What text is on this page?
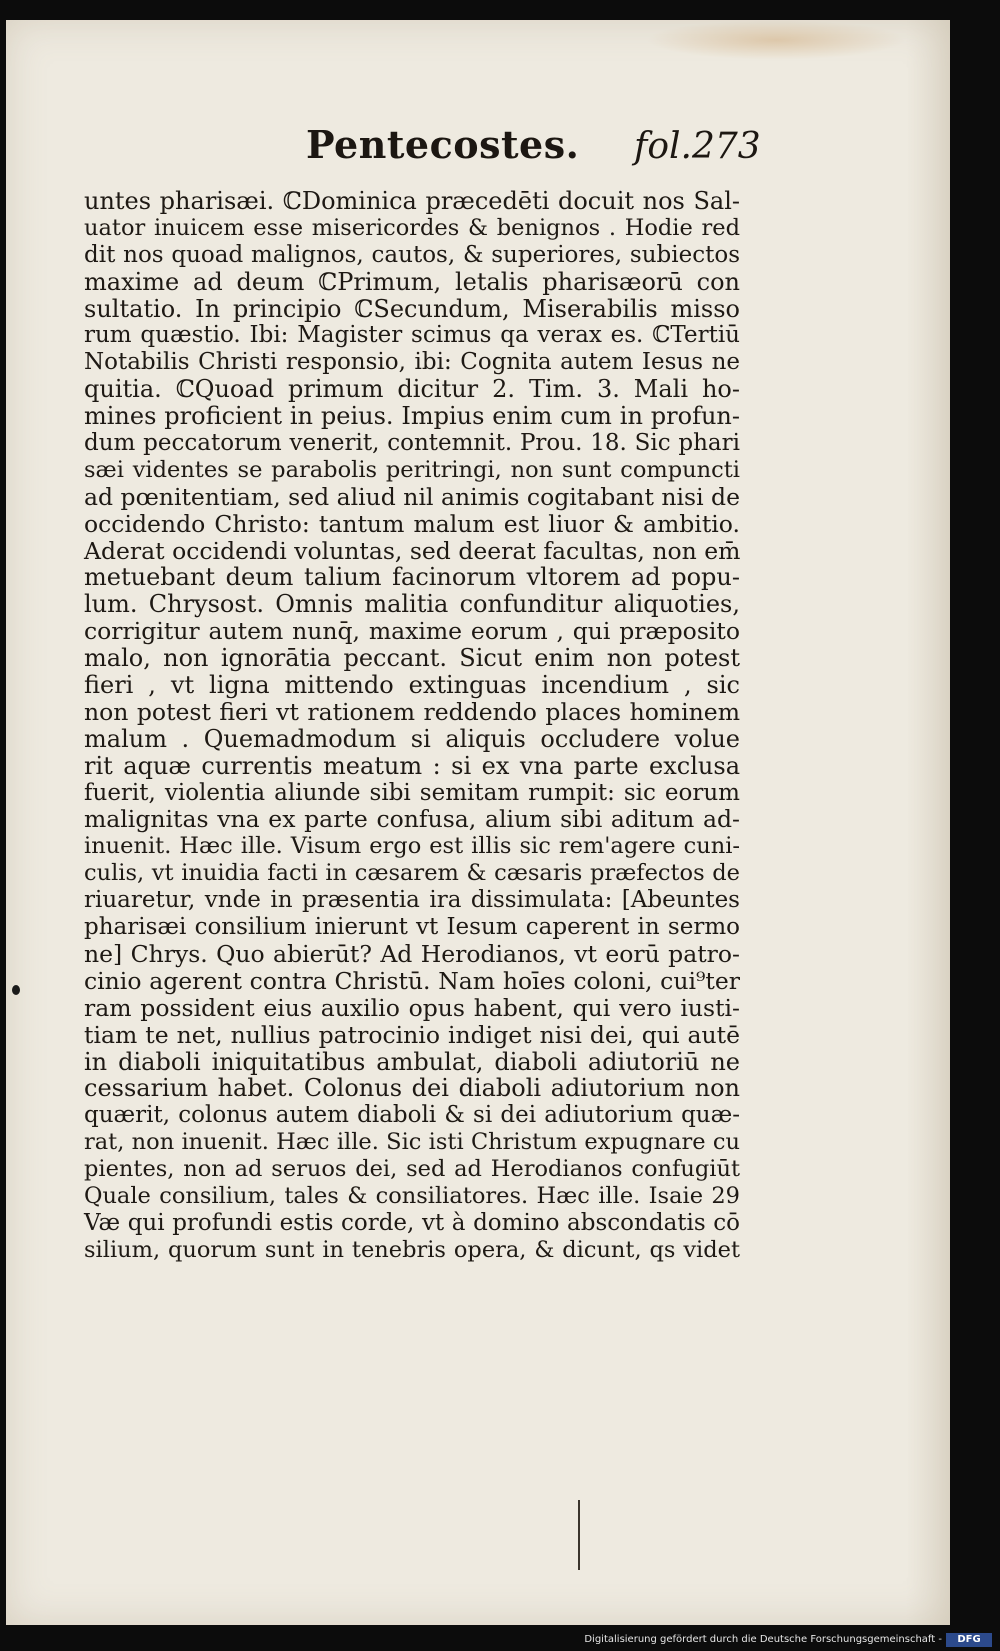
Pentecostes. fol.273
untes pharisæi. ℂDominica præcedēti docuit nos Sal-
uator inuicem esse misericordes & benignos . Hodie red
dit nos quoad malignos, cautos, & superiores, subiectos
maxime ad deum ℂPrimum, letalis pharisæorū con
sultatio. In principio ℂSecundum, Miserabilis misso
rum quæstio. Ibi: Magister scimus qa verax es. ℂTertiū
Notabilis Christi responsio, ibi: Cognita autem Iesus ne
quitia. ℂQuoad primum dicitur 2. Tim. 3. Mali ho-
mines proficient in peius. Impius enim cum in profun-
dum peccatorum venerit, contemnit. Prou. 18. Sic phari
sæi videntes se parabolis peritringi, non sunt compuncti
ad pœnitentiam, sed aliud nil animis cogitabant nisi de
occidendo Christo: tantum malum est liuor & ambitio.
Aderat occidendi voluntas, sed deerat facultas, non em̄
metuebant deum talium facinorum vltorem ad popu-
lum. Chrysost. Omnis malitia confunditur aliquoties,
corrigitur autem nunq̄, maxime eorum , qui præposito
malo, non ignorātia peccant. Sicut enim non potest
fieri , vt ligna mittendo extinguas incendium , sic
non potest fieri vt rationem reddendo places hominem
malum . Quemadmodum si aliquis occludere volue
rit aquæ currentis meatum : si ex vna parte exclusa
fuerit, violentia aliunde sibi semitam rumpit: sic eorum
malignitas vna ex parte confusa, alium sibi aditum ad-
inuenit. Hæc ille. Visum ergo est illis sic rem'agere cuni-
culis, vt inuidia facti in cæsarem & cæsaris præfectos de
riuaretur, vnde in præsentia ira dissimulata: [Abeuntes
pharisæi consilium inierunt vt Iesum caperent in sermo
ne] Chrys. Quo abierūt? Ad Herodianos, vt eorū patro-
cinio agerent contra Christū. Nam hoīes coloni, cui⁹ter
ram possident eius auxilio opus habent, qui vero iusti-
tiam te net, nullius patrocinio indiget nisi dei, qui autē
in diaboli iniquitatibus ambulat, diaboli adiutoriū ne
cessarium habet. Colonus dei diaboli adiutorium non
quærit, colonus autem diaboli & si dei adiutorium quæ-
rat, non inuenit. Hæc ille. Sic isti Christum expugnare cu
pientes, non ad seruos dei, sed ad Herodianos confugiūt
Quale consilium, tales & consiliatores. Hæc ille. Isaie 29
Væ qui profundi estis corde, vt à domino abscondatis cō
silium, quorum sunt in tenebris opera, & dicunt, qs videt
Digitalisierung gefördert durch die Deutsche Forschungsgemeinschaft -	DFG
